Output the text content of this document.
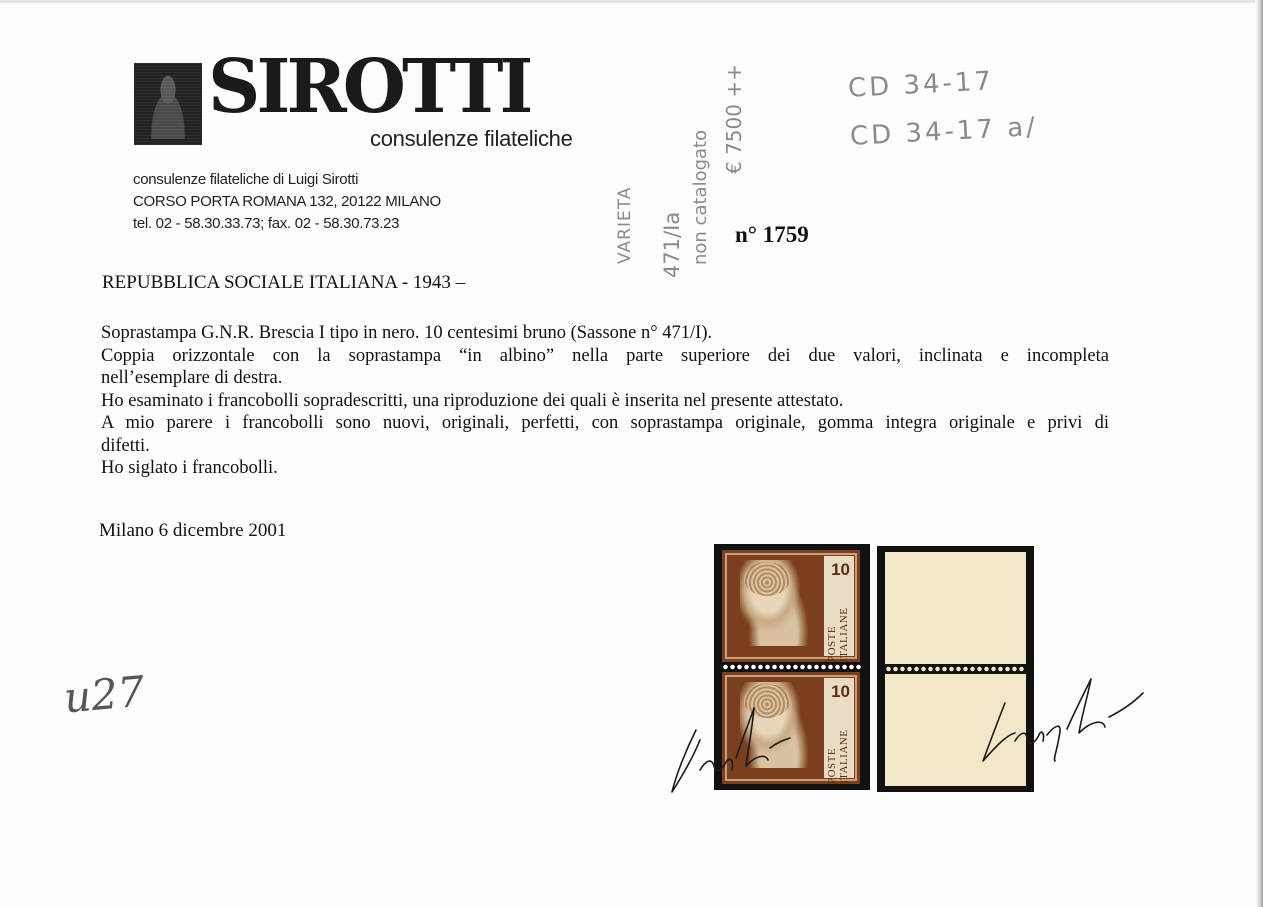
SIROTTI
consulenze filateliche
consulenze filateliche di Luigi Sirotti
CORSO PORTA ROMANA 132, 20122 MILANO
tel. 02 - 58.30.33.73; fax. 02 - 58.30.73.23	n° 1759
VARIETA 471/Ia non catalogato
€ 7500 ++	CD 34-17
CD 34-17 a/
u27
REPUBBLICA SOCIALE ITALIANA - 1943 –

Soprastampa G.N.R. Brescia I tipo in nero. 10 centesimi bruno (Sassone n° 471/I).

Coppia orizzontale con la soprastampa “in albino” nella parte superiore dei due valori, inclinata e incompleta

nell’esemplare di destra.

Ho esaminato i francobolli sopradescritti, una riproduzione dei quali è inserita nel presente attestato.

A mio parere i francobolli sono nuovi, originali, perfetti, con soprastampa originale, gomma integra originale e privi di

difetti.

Ho siglato i francobolli.

Milano 6 dicembre 2001
10
POSTE ITALIANE
10
POSTE ITALIANE
